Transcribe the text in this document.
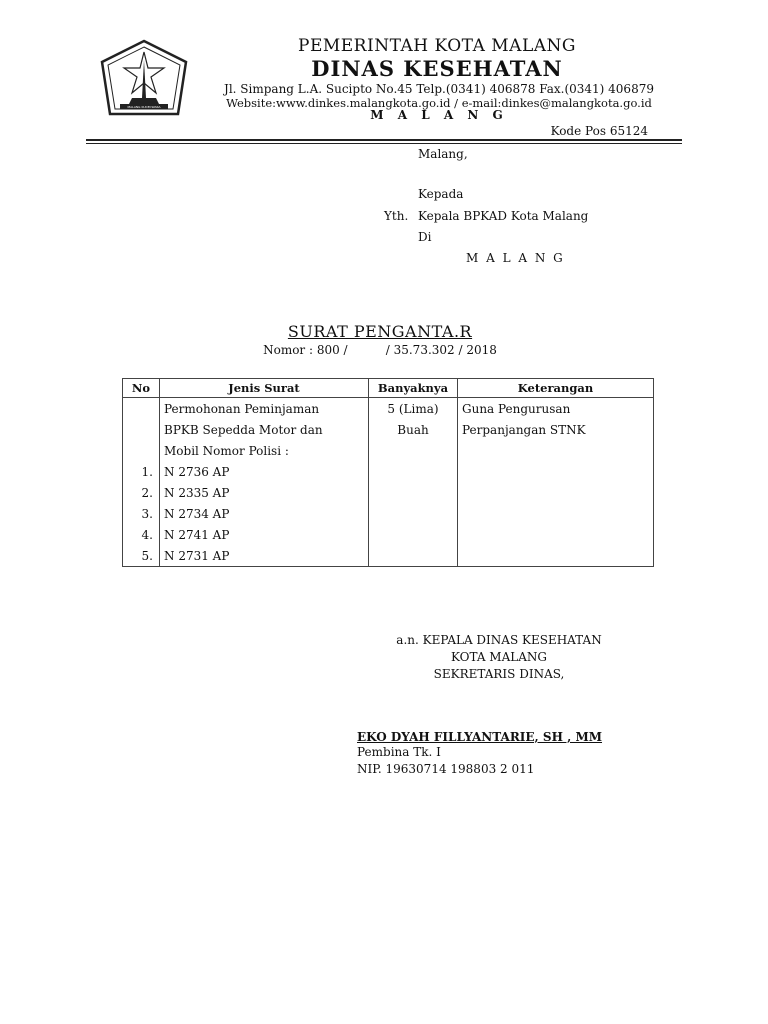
MALANG KUCECWARA
PEMERINTAH KOTA MALANG
DINAS KESEHATAN
Jl. Simpang L.A. Sucipto No.45 Telp.(0341) 406878 Fax.(0341) 406879
Website:www.dinkes.malangkota.go.id / e-mail:dinkes@malangkota.go.id
M A L A N G
Kode Pos 65124
Malang,
Kepada
Yth. Kepala BPKAD Kota Malang
Di
M A L A N G
SURAT PENGANTA.R
Nomor : 800 /          / 35.73.302 / 2018
No	Jenis Surat	Banyaknya	Keterangan
	Permohonan Peminjaman	5 (Lima)	Guna Pengurusan
	BPKB Sepedda Motor dan	Buah	Perpanjangan STNK
	Mobil Nomor Polisi :		
1.	N 2736 AP		
2.	N 2335 AP		
3.	N 2734 AP		
4.	N 2741 AP		
5.	N 2731 AP		
a.n. KEPALA DINAS KESEHATAN
KOTA MALANG
SEKRETARIS DINAS,
EKO DYAH FILLYANTARIE, SH , MM
Pembina Tk. I
NIP. 19630714 198803 2 011
